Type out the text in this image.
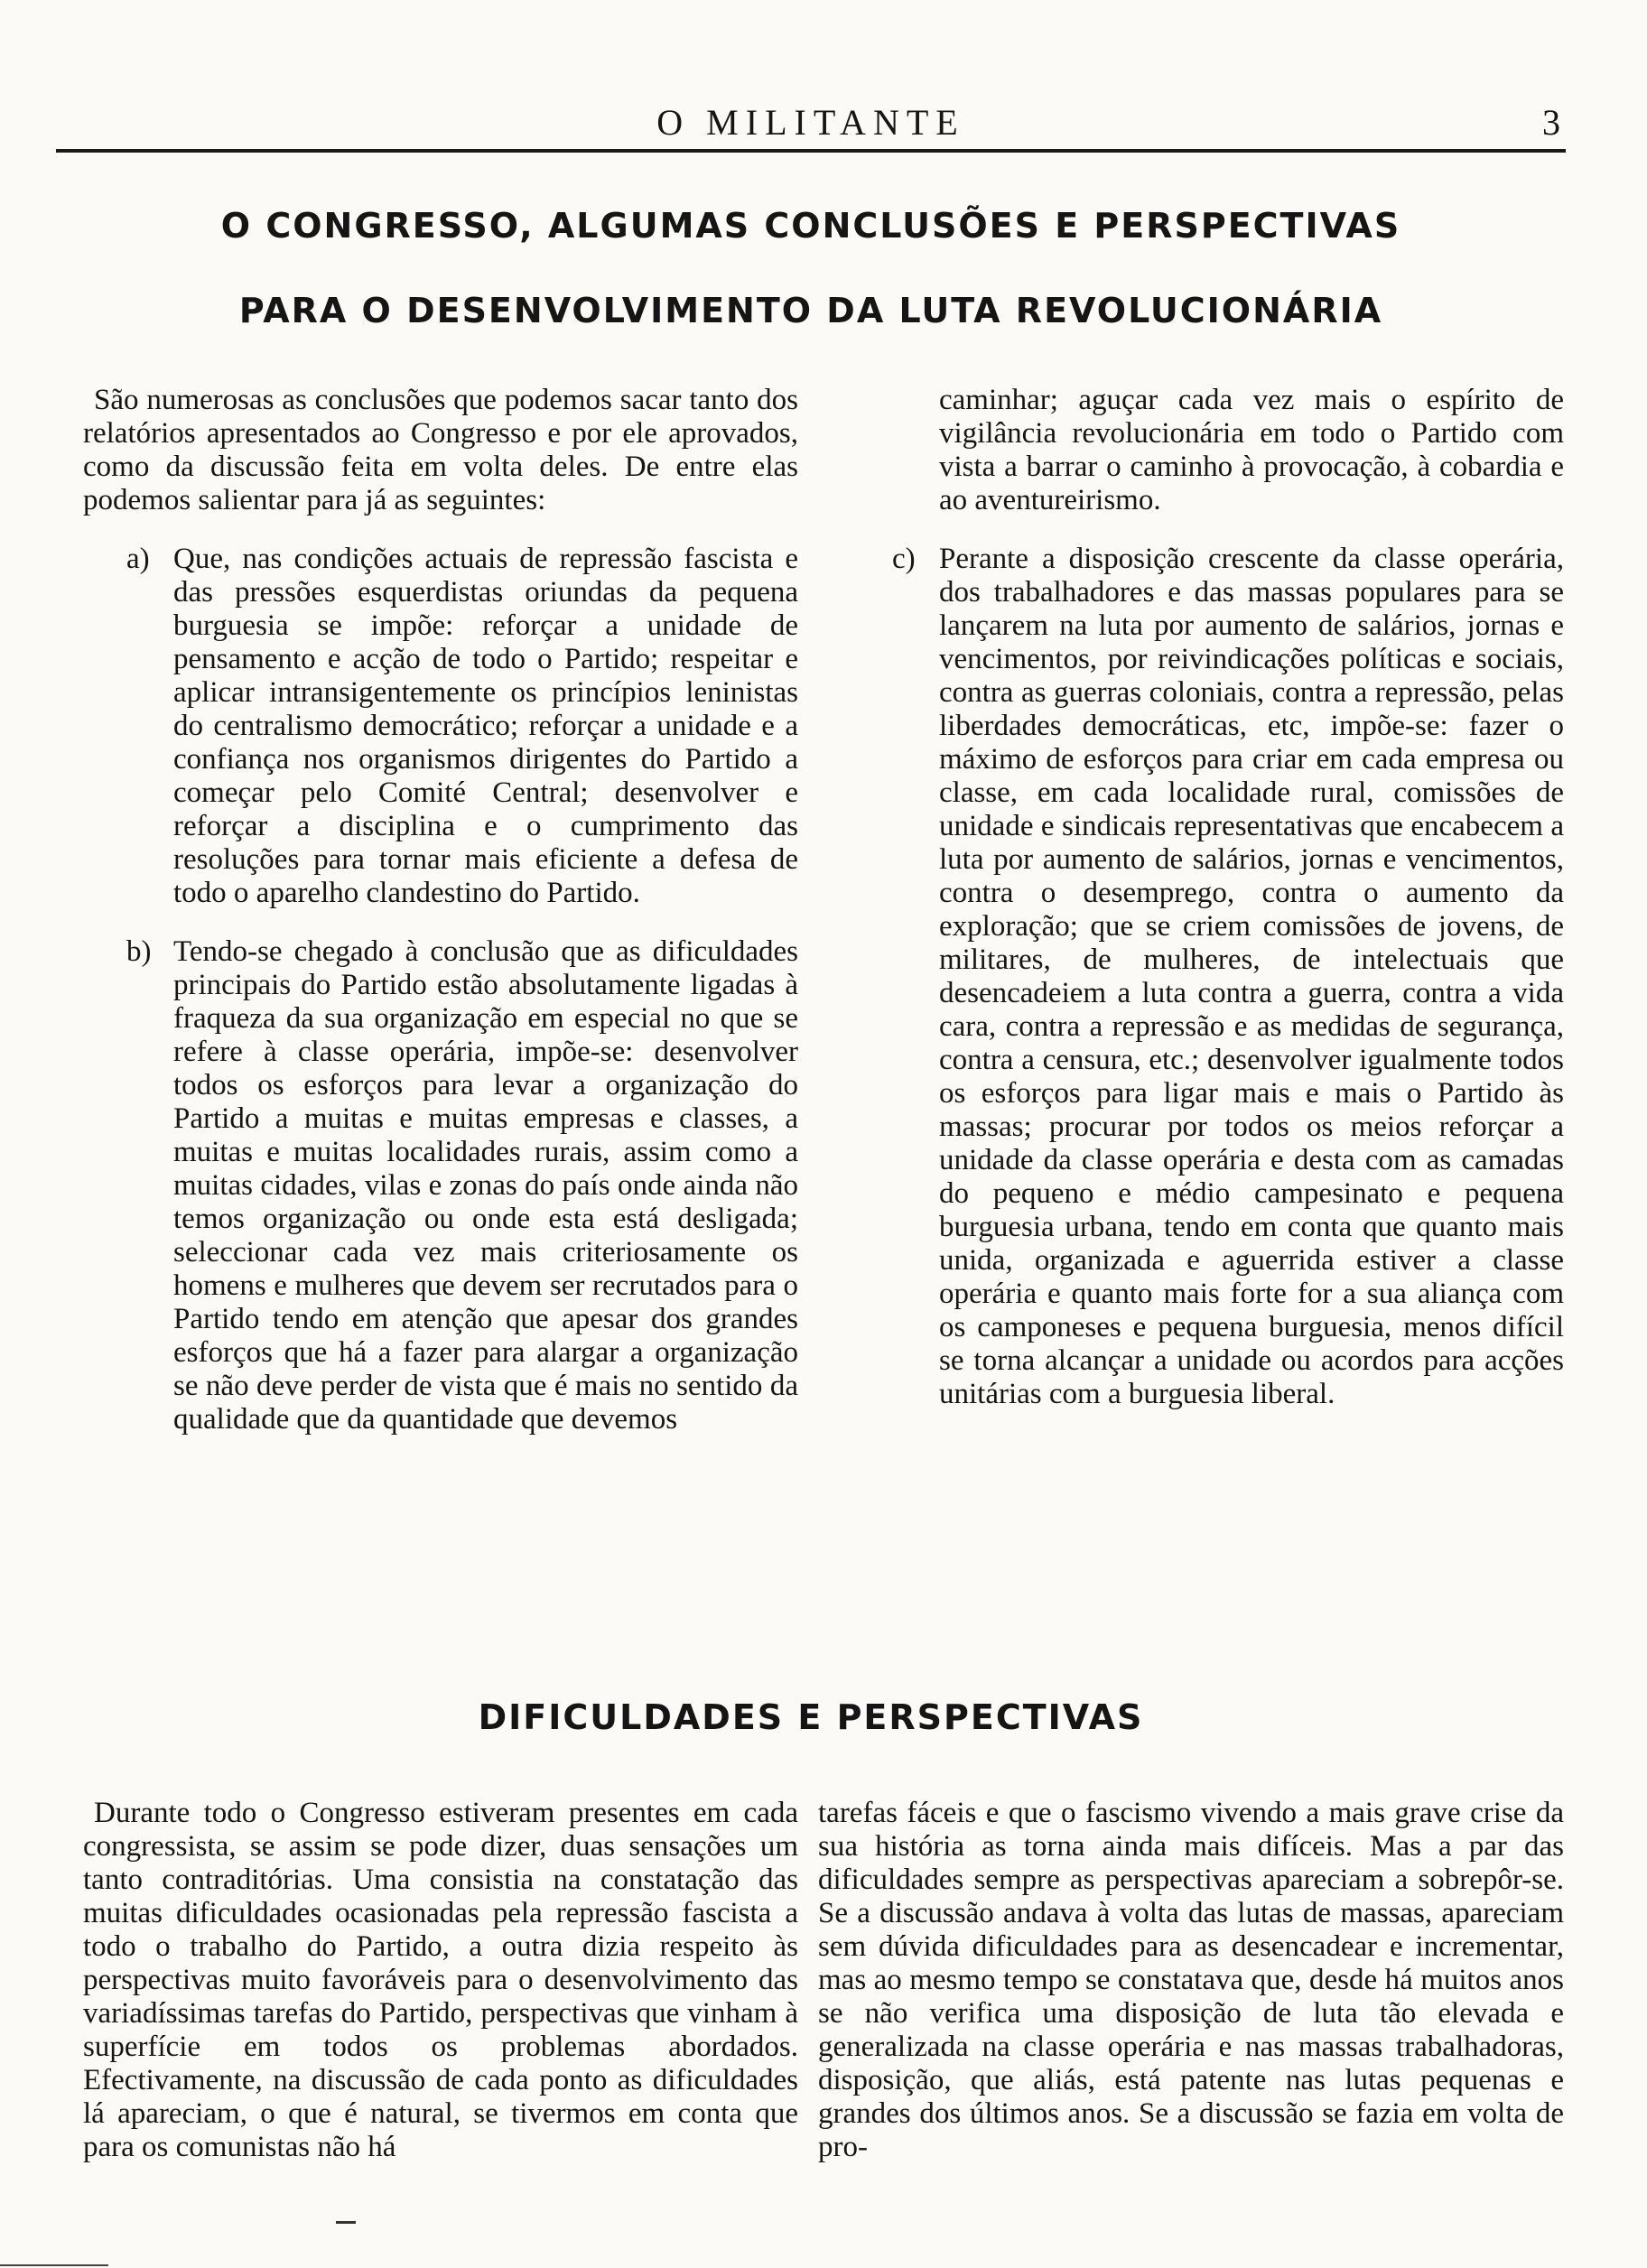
O MILITANTE	3
O CONGRESSO, ALGUMAS CONCLUSÕES E PERSPECTIVAS
PARA O DESENVOLVIMENTO DA LUTA REVOLUCIONÁRIA

São numerosas as conclusões que podemos sacar tanto dos relatórios apresentados ao Congresso e por ele aprovados, como da discussão feita em volta deles. De entre elas podemos salientar para já as seguintes:

a) Que, nas condições actuais de repressão fascista e das pressões esquerdistas oriundas da pequena burguesia se impõe: reforçar a unidade de pensamento e acção de todo o Partido; respeitar e aplicar intransigentemente os princípios leninistas do centralismo democrático; reforçar a unidade e a confiança nos organismos dirigentes do Partido a começar pelo Comité Central; desenvolver e reforçar a disciplina e o cumprimento das resoluções para tornar mais eficiente a defesa de todo o aparelho clandestino do Partido.

b) Tendo-se chegado à conclusão que as dificuldades principais do Partido estão absolutamente ligadas à fraqueza da sua organização em especial no que se refere à classe operária, impõe-se: desenvolver todos os esforços para levar a organização do Partido a muitas e muitas empresas e classes, a muitas e muitas localidades rurais, assim como a muitas cidades, vilas e zonas do país onde ainda não temos organização ou onde esta está desligada; seleccionar cada vez mais criteriosamente os homens e mulheres que devem ser recrutados para o Partido tendo em atenção que apesar dos grandes esforços que há a fazer para alargar a organização se não deve perder de vista que é mais no sentido da qualidade que da quantidade que devemos

caminhar; aguçar cada vez mais o espírito de vigilância revolucionária em todo o Partido com vista a barrar o caminho à provocação, à cobardia e ao aventureirismo.

c) Perante a disposição crescente da classe operária, dos trabalhadores e das massas populares para se lançarem na luta por aumento de salários, jornas e vencimentos, por reivindicações políticas e sociais, contra as guerras coloniais, contra a repressão, pelas liberdades democráticas, etc, impõe-se: fazer o máximo de esforços para criar em cada empresa ou classe, em cada localidade rural, comissões de unidade e sindicais representativas que encabecem a luta por aumento de salários, jornas e vencimentos, contra o desemprego, contra o aumento da exploração; que se criem comissões de jovens, de militares, de mulheres, de intelectuais que desencadeiem a luta contra a guerra, contra a vida cara, contra a repressão e as medidas de segurança, contra a censura, etc.; desenvolver igualmente todos os esforços para ligar mais e mais o Partido às massas; procurar por todos os meios reforçar a unidade da classe operária e desta com as camadas do pequeno e médio campesinato e pequena burguesia urbana, tendo em conta que quanto mais unida, organizada e aguerrida estiver a classe operária e quanto mais forte for a sua aliança com os camponeses e pequena burguesia, menos difícil se torna alcançar a unidade ou acordos para acções unitárias com a burguesia liberal.

DIFICULDADES E PERSPECTIVAS

Durante todo o Congresso estiveram presentes em cada congressista, se assim se pode dizer, duas sensações um tanto contraditórias. Uma consistia na constatação das muitas dificuldades ocasionadas pela repressão fascista a todo o trabalho do Partido, a outra dizia respeito às perspectivas muito favoráveis para o desenvolvimento das variadíssimas tarefas do Partido, perspectivas que vinham à superfície em todos os problemas abordados. Efectivamente, na discussão de cada ponto as dificuldades lá apareciam, o que é natural, se tivermos em conta que para os comunistas não há

tarefas fáceis e que o fascismo vivendo a mais grave crise da sua história as torna ainda mais difíceis. Mas a par das dificuldades sempre as perspectivas apareciam a sobrepôr-se. Se a discussão andava à volta das lutas de massas, apareciam sem dúvida dificuldades para as desencadear e incrementar, mas ao mesmo tempo se constatava que, desde há muitos anos se não verifica uma disposição de luta tão elevada e generalizada na classe operária e nas massas trabalhadoras, disposição, que aliás, está patente nas lutas pequenas e grandes dos últimos anos. Se a discussão se fazia em volta de pro-
